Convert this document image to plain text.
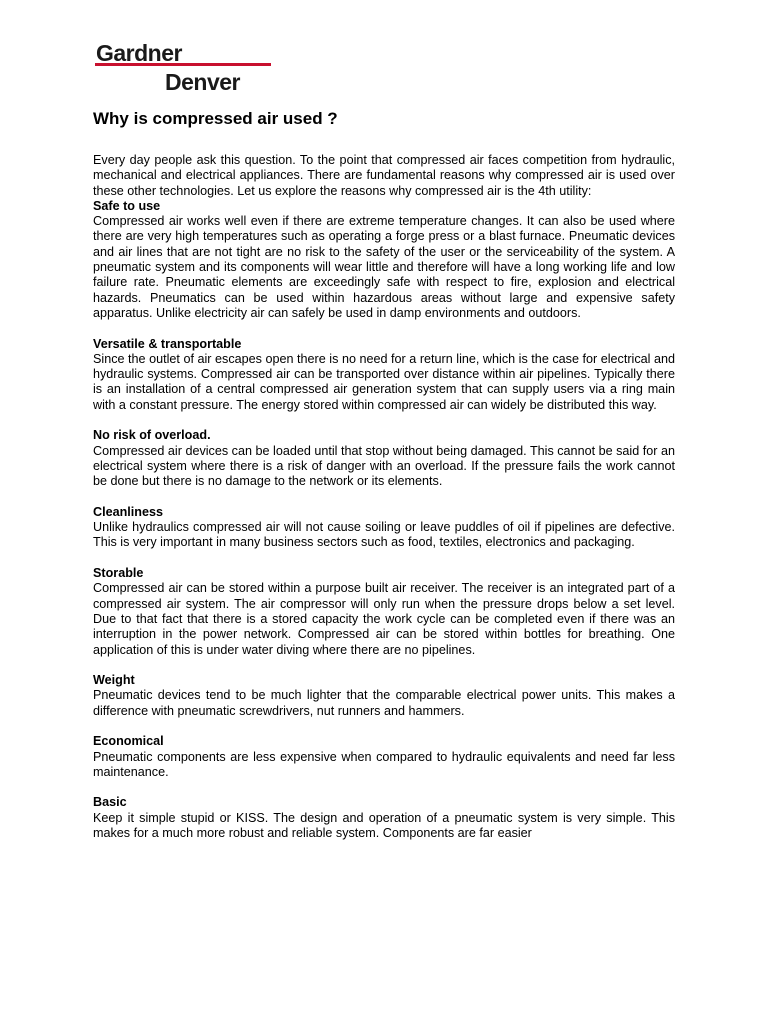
Gardner
Denver
Why is compressed air used ?

Every day people ask this question. To the point that compressed air faces competition from hydraulic, mechanical and electrical appliances. There are fundamental reasons why compressed air is used over these other technologies. Let us explore the reasons why compressed air is the 4th utility:

Safe to use

Compressed air works well even if there are extreme temperature changes. It can also be used where there are very high temperatures such as operating a forge press or a blast furnace. Pneumatic devices and air lines that are not tight are no risk to the safety of the user or the serviceability of the system. A pneumatic system and its components will wear little and therefore will have a long working life and low failure rate. Pneumatic elements are exceedingly safe with respect to fire, explosion and electrical hazards. Pneumatics can be used within hazardous areas without large and expensive safety apparatus. Unlike electricity air can safely be used in damp environments and outdoors.

Versatile & transportable

Since the outlet of air escapes open there is no need for a return line, which is the case for electrical and hydraulic systems. Compressed air can be transported over distance within air pipelines. Typically there is an installation of a central compressed air generation system that can supply users via a ring main with a constant pressure. The energy stored within compressed air can widely be distributed this way.

No risk of overload.

Compressed air devices can be loaded until that stop without being damaged. This cannot be said for an electrical system where there is a risk of danger with an overload. If the pressure fails the work cannot be done but there is no damage to the network or its elements.

Cleanliness

Unlike hydraulics compressed air will not cause soiling or leave puddles of oil if pipelines are defective. This is very important in many business sectors such as food, textiles, electronics and packaging.

Storable

Compressed air can be stored within a purpose built air receiver. The receiver is an integrated part of a compressed air system. The air compressor will only run when the pressure drops below a set level. Due to that fact that there is a stored capacity the work cycle can be completed even if there was an interruption in the power network. Compressed air can be stored within bottles for breathing. One application of this is under water diving where there are no pipelines.

Weight

Pneumatic devices tend to be much lighter that the comparable electrical power units. This makes a difference with pneumatic screwdrivers, nut runners and hammers.

Economical

Pneumatic components are less expensive when compared to hydraulic equivalents and need far less maintenance.

Basic

Keep it simple stupid or KISS. The design and operation of a pneumatic system is very simple. This makes for a much more robust and reliable system. Components are far easier
